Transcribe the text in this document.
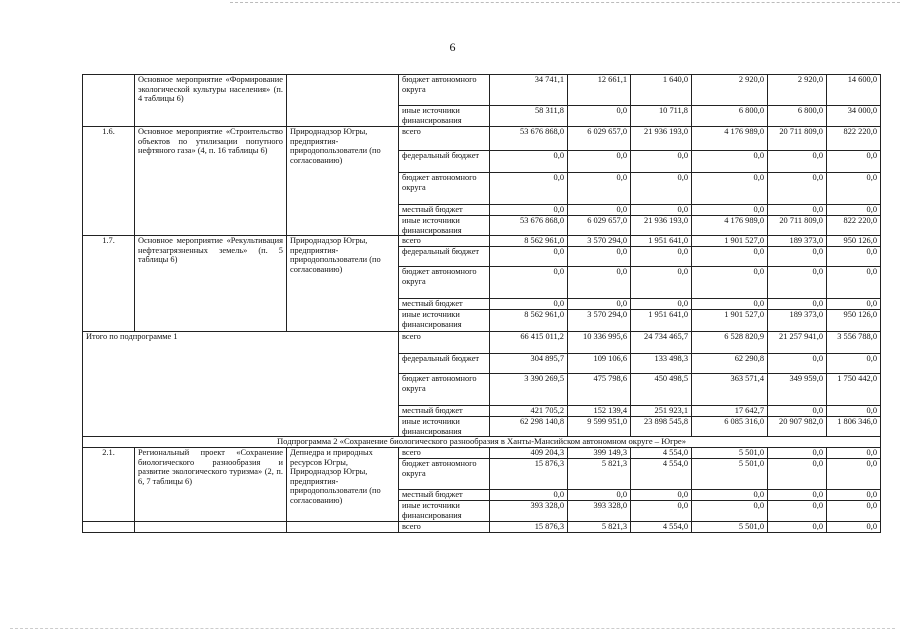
6
	Основное мероприятие «Формирование экологической культуры населения» (п. 4 таблицы 6)		бюджет автономного округа	34 741,1	12 661,1	1 640,0	2 920,0	2 920,0	14 600,0
			иные источники финансирования	58 311,8	0,0	10 711,8	6 800,0	6 800,0	34 000,0
1.6.	Основное мероприятие «Строительство объектов по утилизации попутного нефтяного газа» (4, п. 16 таблицы 6)	Природнадзор Югры, предприятия-природопользователи (по согласованию)	всего	53 676 868,0	6 029 657,0	21 936 193,0	4 176 989,0	20 711 809,0	822 220,0
			федеральный бюджет	0,0	0,0	0,0	0,0	0,0	0,0
			бюджет автономного округа	0,0	0,0	0,0	0,0	0,0	0,0
			местный бюджет	0,0	0,0	0,0	0,0	0,0	0,0
			иные источники финансирования	53 676 868,0	6 029 657,0	21 936 193,0	4 176 989,0	20 711 809,0	822 220,0
1.7.	Основное мероприятие «Рекультивация нефтезагрязненных земель» (п. 5 таблицы 6)	Природнадзор Югры, предприятия-природопользователи (по согласованию)	всего	8 562 961,0	3 570 294,0	1 951 641,0	1 901 527,0	189 373,0	950 126,0
			федеральный бюджет	0,0	0,0	0,0	0,0	0,0	0,0
			бюджет автономного округа	0,0	0,0	0,0	0,0	0,0	0,0
			местный бюджет	0,0	0,0	0,0	0,0	0,0	0,0
			иные источники финансирования	8 562 961,0	3 570 294,0	1 951 641,0	1 901 527,0	189 373,0	950 126,0
Итого по подпрограмме 1			всего	66 415 011,2	10 336 995,6	24 734 465,7	6 528 820,9	21 257 941,0	3 556 788,0
			федеральный бюджет	304 895,7	109 106,6	133 498,3	62 290,8	0,0	0,0
			бюджет автономного округа	3 390 269,5	475 798,6	450 498,5	363 571,4	349 959,0	1 750 442,0
			местный бюджет	421 705,2	152 139,4	251 923,1	17 642,7	0,0	0,0
			иные источники финансирования	62 298 140,8	9 599 951,0	23 898 545,8	6 085 316,0	20 907 982,0	1 806 346,0
Подпрограмма 2 «Сохранение биологического разнообразия в Ханты-Мансийском автономном округе – Югре»									
2.1.	Региональный проект «Сохранение биологического разнообразия и развитие экологического туризма» (2, п. 6, 7 таблицы 6)	Депнедра и природных ресурсов Югры, Природнадзор Югры, предприятия-природопользователи (по согласованию)	всего	409 204,3	399 149,3	4 554,0	5 501,0	0,0	0,0
			бюджет автономного округа	15 876,3	5 821,3	4 554,0	5 501,0	0,0	0,0
			местный бюджет	0,0	0,0	0,0	0,0	0,0	0,0
			иные источники финансирования	393 328,0	393 328,0	0,0	0,0	0,0	0,0
			всего	15 876,3	5 821,3	4 554,0	5 501,0	0,0	0,0
